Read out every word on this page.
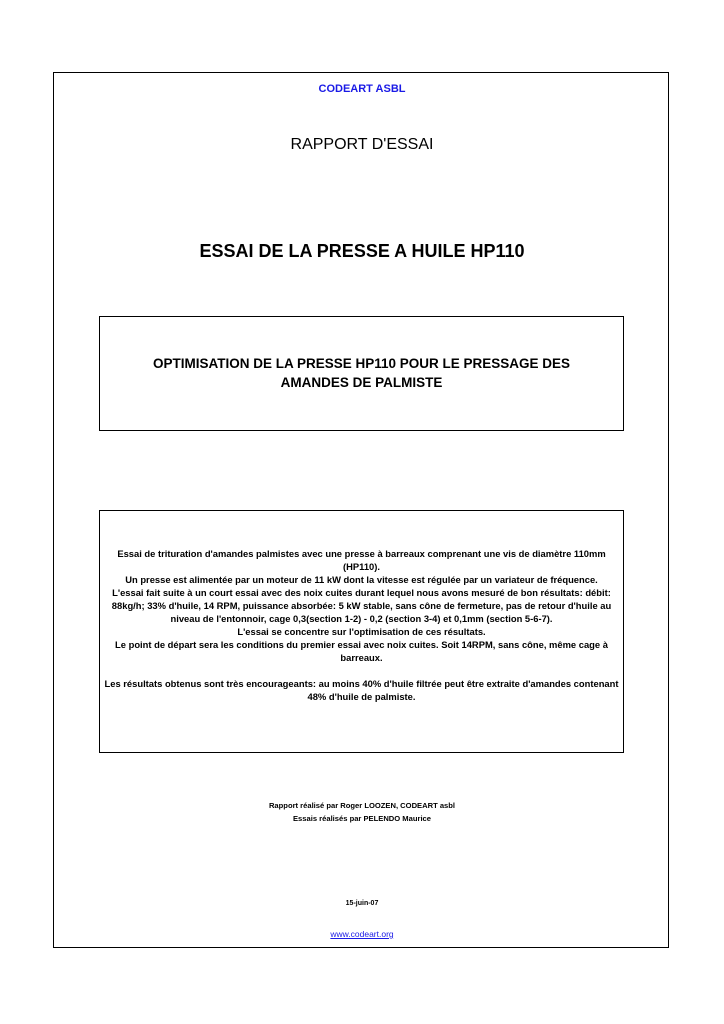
CODEART ASBL
RAPPORT D'ESSAI
ESSAI DE LA PRESSE A HUILE HP110
OPTIMISATION DE LA PRESSE HP110 POUR LE PRESSAGE DES
AMANDES DE PALMISTE

Essai de trituration d'amandes palmistes avec une presse à barreaux comprenant une vis de diamètre 110mm (HP110).

Un presse est alimentée par un moteur de 11 kW dont la vitesse est régulée par un variateur de fréquence.

L'essai fait suite à un court essai avec des noix cuites durant lequel nous avons mesuré de bon résultats: débit: 88kg/h; 33% d'huile, 14 RPM, puissance absorbée: 5 kW stable, sans cône de fermeture, pas de retour d'huile au niveau de l'entonnoir, cage 0,3(section 1-2) - 0,2 (section 3-4) et 0,1mm (section 5-6-7).

L'essai se concentre sur l'optimisation de ces résultats.

Le point de départ sera les conditions du premier essai avec noix cuites. Soit 14RPM, sans cône, même cage à barreaux.

Les résultats obtenus sont très encourageants: au moins 40% d'huile filtrée peut être extraite d'amandes contenant 48% d'huile de palmiste.

Rapport réalisé par Roger LOOZEN, CODEART asbl
Essais réalisés par PELENDO Maurice
15-juin-07
www.codeart.org
